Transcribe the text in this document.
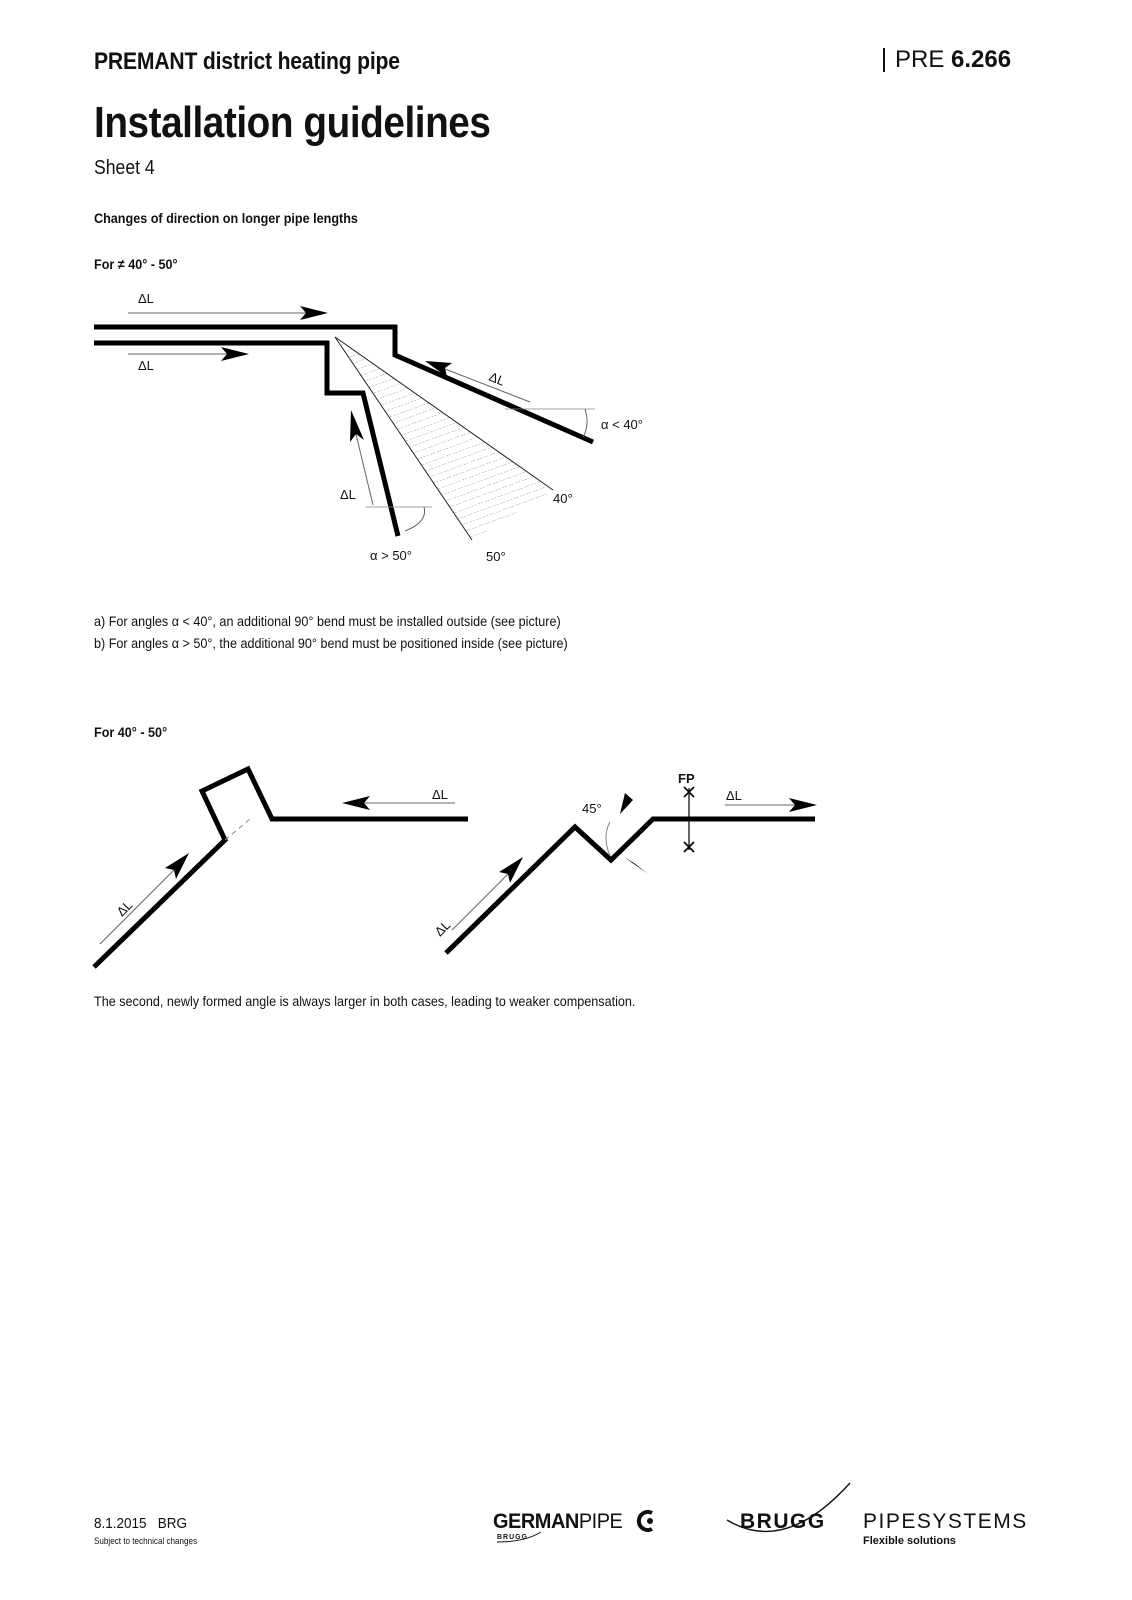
PREMANT district heating pipe	PRE 6.266
Installation guidelines
Sheet 4
Changes of direction on longer pipe lengths
For ≠ 40° - 50°
ΔL
ΔL
ΔL
ΔL
α < 40°
40°
α > 50°	50°
a) For angles α < 40°, an additional 90° bend must be installed outside (see picture)
b) For angles α > 50°, the additional 90° bend must be positioned inside (see picture)
For 40° - 50°
ΔL
ΔL
ΔL
ΔL
45°
FP
The second, newly formed angle is always larger in both cases, leading to weaker compensation.
8.1.2015   BRG
Subject to technical changes
GERMANPIPE
BRUGG
BRUGG PIPESYSTEMS
Flexible solutions
